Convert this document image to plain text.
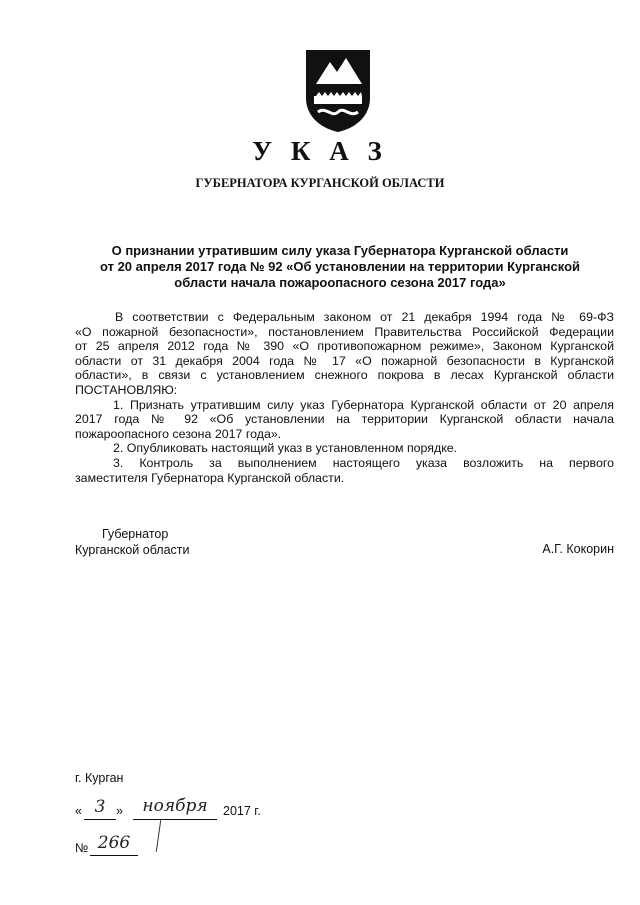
У К А З
ГУБЕРНАТОРА КУРГАНСКОЙ ОБЛАСТИ
О признании утратившим силу указа Губернатора Курганской области
от 20 апреля 2017 года № 92 «Об установлении на территории Курганской
области начала пожароопасного сезона 2017 года»

В соответствии с Федеральным законом от 21 декабря 1994 года № 69-ФЗ

«О пожарной безопасности», постановлением Правительства Российской Федерации

от 25 апреля 2012 года № 390 «О противопожарном режиме», Законом Курганской

области от 31 декабря 2004 года № 17 «О пожарной безопасности в Курганской

области», в связи с установлением снежного покрова в лесах Курганской области

ПОСТАНОВЛЯЮ:

1. Признать утратившим силу указ Губернатора Курганской области от 20 апреля

2017 года № 92 «Об установлении на территории Курганской области начала

пожароопасного сезона 2017 года».

2. Опубликовать настоящий указ в установленном порядке.

3. Контроль за выполнением настоящего указа возложить на первого

заместителя Губернатора Курганской области.

Губернатор
Курганской области	А.Г. Кокорин
г. Курган
« 3 »	ноября	2017 г.
№ 266
